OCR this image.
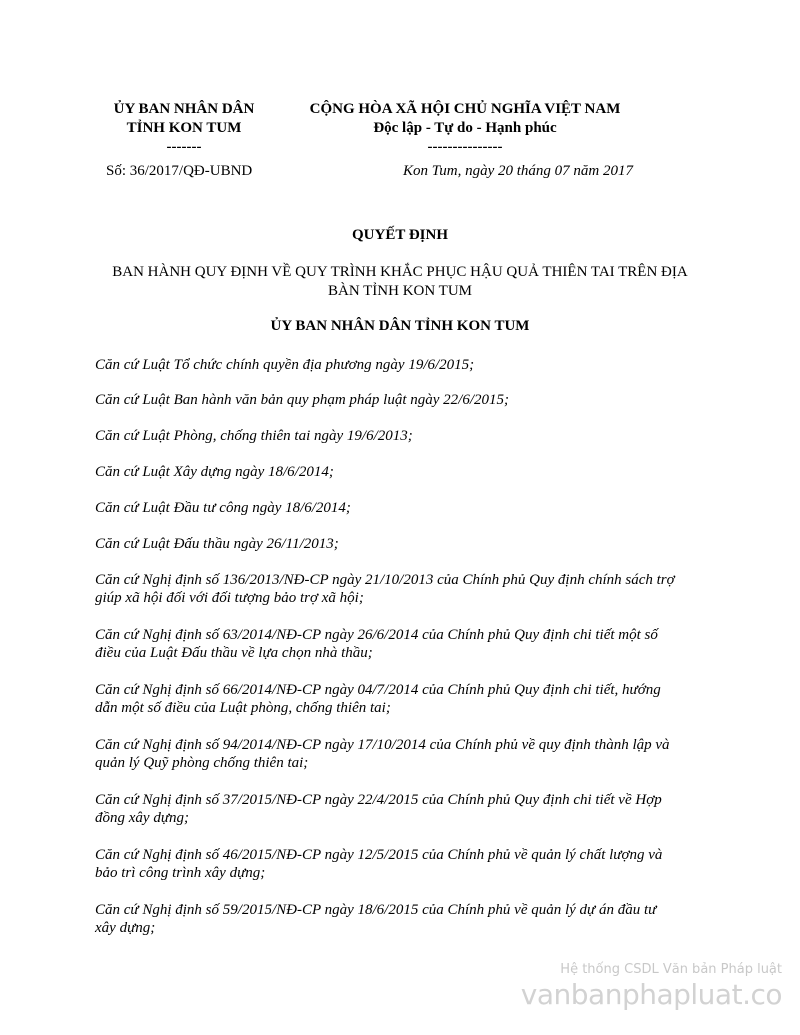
ỦY BAN NHÂN DÂN
TỈNH KON TUM
-------
CỘNG HÒA XÃ HỘI CHỦ NGHĨA VIỆT NAM
Độc lập - Tự do - Hạnh phúc
---------------
Số: 36/2017/QĐ-UBND	Kon Tum, ngày 20 tháng 07 năm 2017
QUYẾT ĐỊNH
BAN HÀNH QUY ĐỊNH VỀ QUY TRÌNH KHẮC PHỤC HẬU QUẢ THIÊN TAI TRÊN ĐỊA
BÀN TỈNH KON TUM
ỦY BAN NHÂN DÂN TỈNH KON TUM
Căn cứ Luật Tổ chức chính quyền địa phương ngày 19/6/2015;
Căn cứ Luật Ban hành văn bản quy phạm pháp luật ngày 22/6/2015;
Căn cứ Luật Phòng, chống thiên tai ngày 19/6/2013;
Căn cứ Luật Xây dựng ngày 18/6/2014;
Căn cứ Luật Đầu tư công ngày 18/6/2014;
Căn cứ Luật Đấu thầu ngày 26/11/2013;
Căn cứ Nghị định số 136/2013/NĐ-CP ngày 21/10/2013 của Chính phủ Quy định chính sách trợ
giúp xã hội đối với đối tượng bảo trợ xã hội;
Căn cứ Nghị định số 63/2014/NĐ-CP ngày 26/6/2014 của Chính phủ Quy định chi tiết một số
điều của Luật Đấu thầu về lựa chọn nhà thầu;
Căn cứ Nghị định số 66/2014/NĐ-CP ngày 04/7/2014 của Chính phủ Quy định chi tiết, hướng
dẫn một số điều của Luật phòng, chống thiên tai;
Căn cứ Nghị định số 94/2014/NĐ-CP ngày 17/10/2014 của Chính phủ về quy định thành lập và
quản lý Quỹ phòng chống thiên tai;
Căn cứ Nghị định số 37/2015/NĐ-CP ngày 22/4/2015 của Chính phủ Quy định chi tiết về Hợp
đồng xây dựng;
Căn cứ Nghị định số 46/2015/NĐ-CP ngày 12/5/2015 của Chính phủ về quản lý chất lượng và
bảo trì công trình xây dựng;
Căn cứ Nghị định số 59/2015/NĐ-CP ngày 18/6/2015 của Chính phủ về quản lý dự án đầu tư
xây dựng;
Hệ thống CSDL Văn bản Pháp luật
vanbanphapluat.co
